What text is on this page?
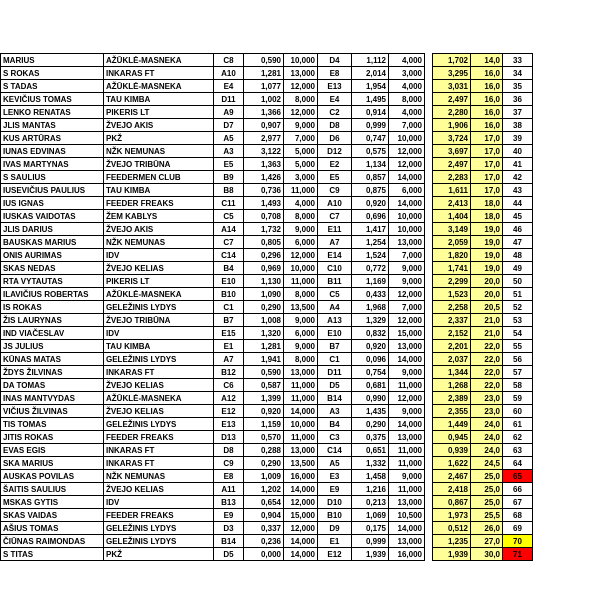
MARIUS	AŽŪKLĖ-MASNEKA	C8	0,590	10,000	D4	1,112	4,000		1,702	14,0	33
S ROKAS	INKARAS FT	A10	1,281	13,000	E8	2,014	3,000		3,295	16,0	34
S TADAS	AŽŪKLĖ-MASNEKA	E4	1,077	12,000	E13	1,954	4,000		3,031	16,0	35
KEVIČIUS TOMAS	TAU KIMBA	D11	1,002	8,000	E4	1,495	8,000		2,497	16,0	36
LENKO RENATAS	PIKERIS LT	A9	1,366	12,000	C2	0,914	4,000		2,280	16,0	37
JLIS MANTAS	ŽVEJO AKIS	D7	0,907	9,000	D8	0,999	7,000		1,906	16,0	38
KUS ARTŪRAS	PKŽ	A5	2,977	7,000	D6	0,747	10,000		3,724	17,0	39
IUNAS EDVINAS	NŽK NEMUNAS	A3	3,122	5,000	D12	0,575	12,000		3,697	17,0	40
IVAS MARTYNAS	ŽVEJO TRIBŪNA	E5	1,363	5,000	E2	1,134	12,000		2,497	17,0	41
S SAULIUS	FEEDERMEN CLUB	B9	1,426	3,000	E5	0,857	14,000		2,283	17,0	42
IUSEVIČIUS PAULIUS	TAU KIMBA	B8	0,736	11,000	C9	0,875	6,000		1,611	17,0	43
IUS IGNAS	FEEDER FREAKS	C11	1,493	4,000	A10	0,920	14,000		2,413	18,0	44
IUSKAS VAIDOTAS	ŽEM KABLYS	C5	0,708	8,000	C7	0,696	10,000		1,404	18,0	45
JLIS DARIUS	ŽVEJO AKIS	A14	1,732	9,000	E11	1,417	10,000		3,149	19,0	46
BAUSKAS MARIUS	NŽK NEMUNAS	C7	0,805	6,000	A7	1,254	13,000		2,059	19,0	47
ONIS AURIMAS	IDV	C14	0,296	12,000	E14	1,524	7,000		1,820	19,0	48
SKAS NEDAS	ŽVEJO KELIAS	B4	0,969	10,000	C10	0,772	9,000		1,741	19,0	49
RTA VYTAUTAS	PIKERIS LT	E10	1,130	11,000	B11	1,169	9,000		2,299	20,0	50
ILAVIČIUS ROBERTAS	AŽŪKLĖ-MASNEKA	B10	1,090	8,000	C5	0,433	12,000		1,523	20,0	51
IS ROKAS	GELEŽINIS LYDYS	C1	0,290	13,500	A4	1,968	7,000		2,258	20,5	52
ŽIS LAURYNAS	ŽVEJO TRIBŪNA	B7	1,008	9,000	A13	1,329	12,000		2,337	21,0	53
IND VIAČESLAV	IDV	E15	1,320	6,000	E10	0,832	15,000		2,152	21,0	54
JS JULIUS	TAU KIMBA	E1	1,281	9,000	B7	0,920	13,000		2,201	22,0	55
KŪNAS MATAS	GELEŽINIS LYDYS	A7	1,941	8,000	C1	0,096	14,000		2,037	22,0	56
ŽDYS ŽILVINAS	INKARAS FT	B12	0,590	13,000	D11	0,754	9,000		1,344	22,0	57
DA TOMAS	ŽVEJO KELIAS	C6	0,587	11,000	D5	0,681	11,000		1,268	22,0	58
INAS MANTVYDAS	AŽŪKLĖ-MASNEKA	A12	1,399	11,000	B14	0,990	12,000		2,389	23,0	59
VIČIUS ŽILVINAS	ŽVEJO KELIAS	E12	0,920	14,000	A3	1,435	9,000		2,355	23,0	60
TIS TOMAS	GELEŽINIS LYDYS	E13	1,159	10,000	B4	0,290	14,000		1,449	24,0	61
JITIS ROKAS	FEEDER FREAKS	D13	0,570	11,000	C3	0,375	13,000		0,945	24,0	62
EVAS EGIS	INKARAS FT	D8	0,288	13,000	C14	0,651	11,000		0,939	24,0	63
SKA MARIUS	INKARAS FT	C9	0,290	13,500	A5	1,332	11,000		1,622	24,5	64
AUSKAS POVILAS	NŽK NEMUNAS	E8	1,009	16,000	E3	1,458	9,000		2,467	25,0	65
ŠAITIS SAULIUS	ŽVEJO KELIAS	A11	1,202	14,000	E9	1,216	11,000		2,418	25,0	66
MSKAS GYTIS	IDV	B13	0,654	12,000	D10	0,213	13,000		0,867	25,0	67
SKAS VAIDAS	FEEDER FREAKS	E9	0,904	15,000	B10	1,069	10,500		1,973	25,5	68
AŠIUS TOMAS	GELEŽINIS LYDYS	D3	0,337	12,000	D9	0,175	14,000		0,512	26,0	69
ČIŪNAS RAIMONDAS	GELEŽINIS LYDYS	B14	0,236	14,000	E1	0,999	13,000		1,235	27,0	70
S TITAS	PKŽ	D5	0,000	14,000	E12	1,939	16,000		1,939	30,0	71
